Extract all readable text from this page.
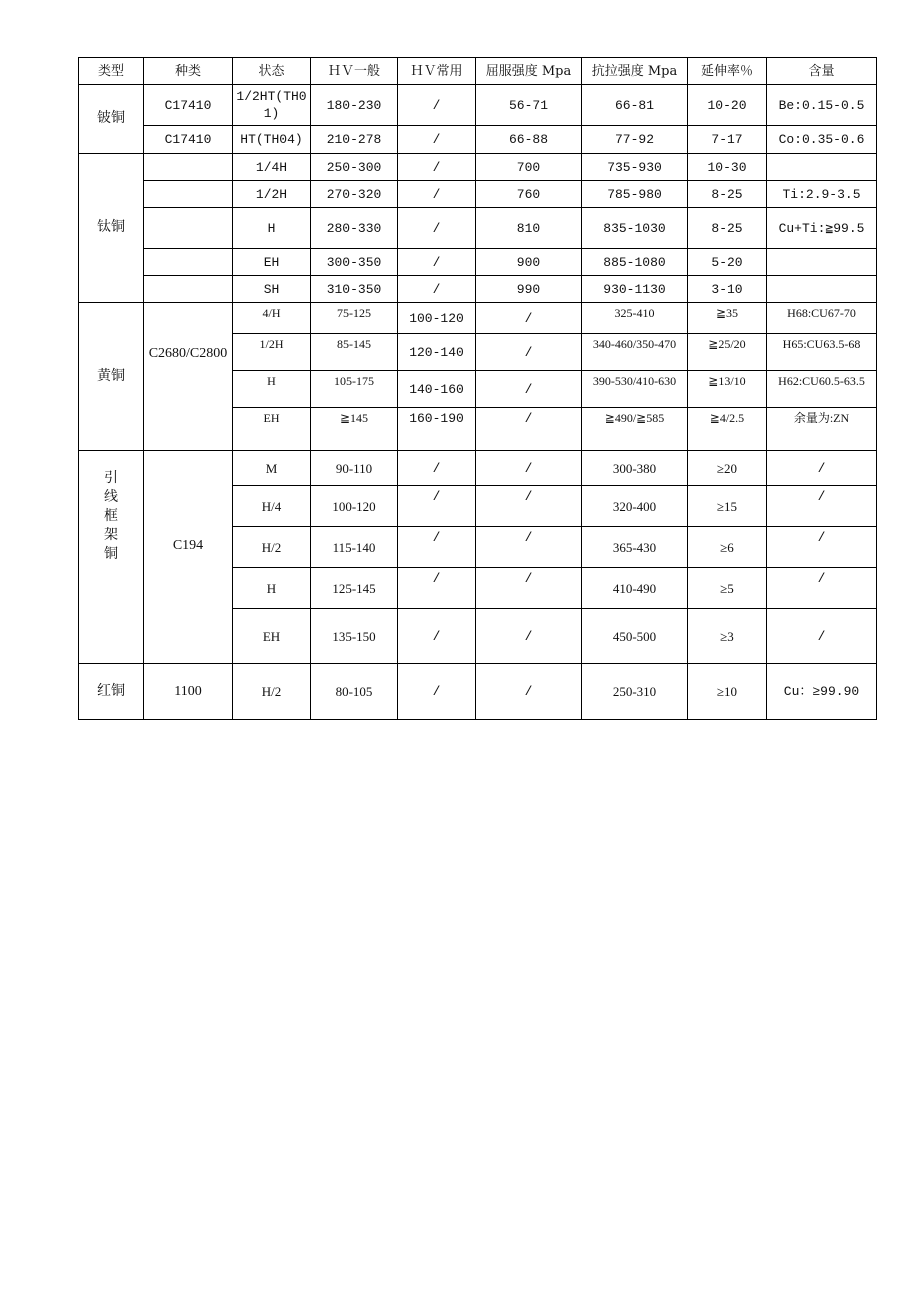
类型	种类	状态	ＨＶ一般	ＨＶ常用	屈服强度 Mpa	抗拉强度 Mpa	延伸率％	含量
铍铜	C17410	1/2HT(TH01)	180-230	/	56-71	66-81	10-20	Be:0.15-0.5
	C17410	HT(TH04)	210-278	/	66-88	77-92	7-17	Co:0.35-0.6
钛铜		1/4H	250-300	/	700	735-930	10-30	
		1/2H	270-320	/	760	785-980	8-25	Ti:2.9-3.5
		H	280-330	/	810	835-1030	8-25	Cu+Ti:≧99.5
		EH	300-350	/	900	885-1080	5-20	
		SH	310-350	/	990	930-1130	3-10	
黄铜	C2680/C2800	4/H	75-125	100-120	/	325-410	≧35	H68:CU67-70
		1/2H	85-145	120-140	/	340-460/350-470	≧25/20	H65:CU63.5-68
		H	105-175	140-160	/	390-530/410-630	≧13/10	H62:CU60.5-63.5
		EH	≧145	160-190	/	≧490/≧585	≧4/2.5	余量为:ZN
引线框架铜	C194	M	90-110	/	/	300-380	≥20	/
		H/4	100-120	/	/	320-400	≥15	/
		H/2	115-140	/	/	365-430	≥6	/
		H	125-145	/	/	410-490	≥5	/
		EH	135-150	/	/	450-500	≥3	/
红铜	1100	H/2	80-105	/	/	250-310	≥10	Cu：≥99.90
